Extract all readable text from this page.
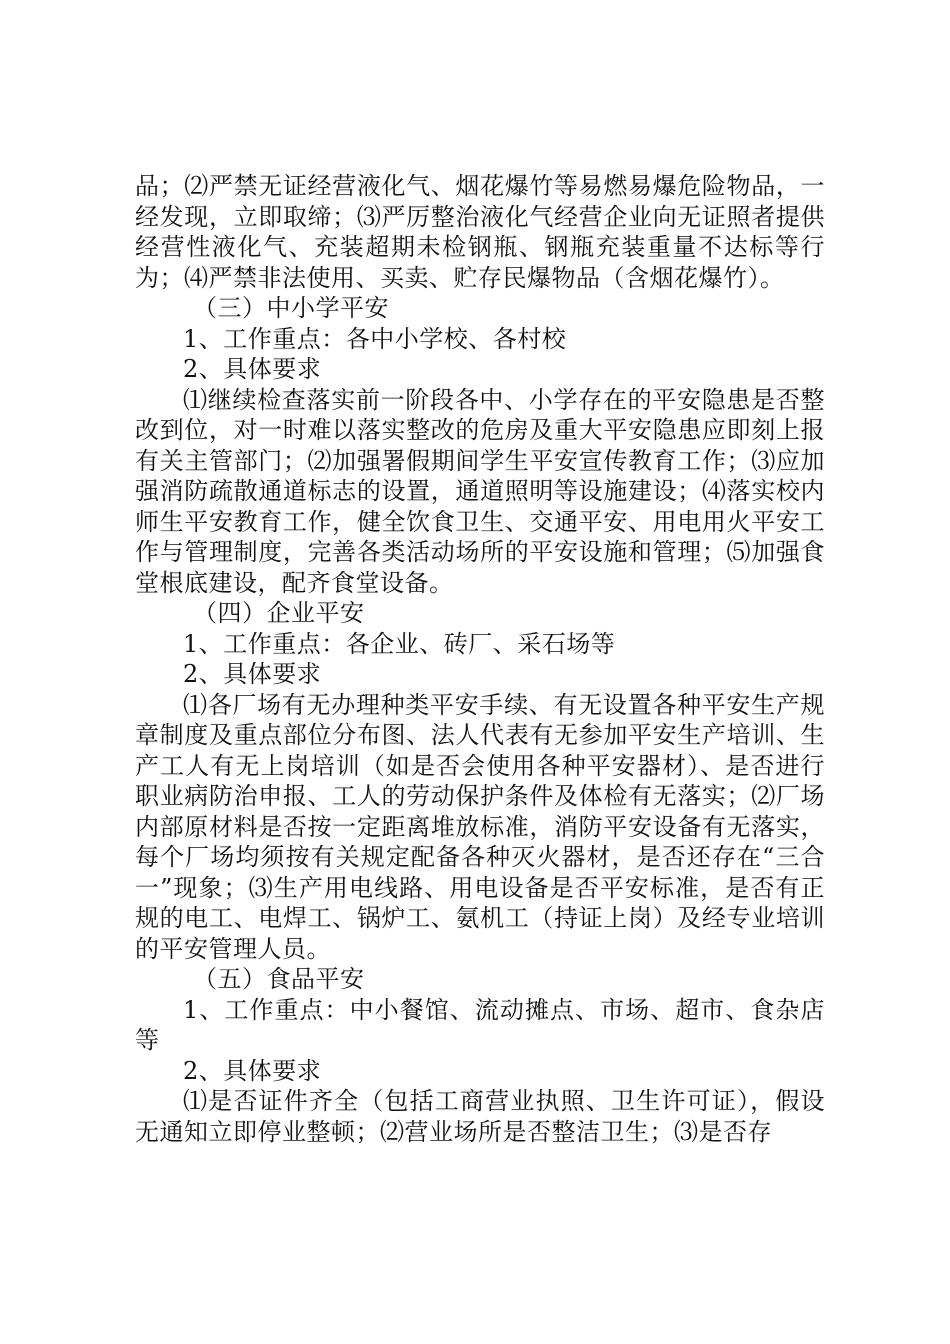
品；⑵严禁无证经营液化气、烟花爆竹等易燃易爆危险物品，一经发现，立即取缔；⑶严厉整治液化气经营企业向无证照者提供经营性液化气、充装超期未检钢瓶、钢瓶充装重量不达标等行为；⑷严禁非法使用、买卖、贮存民爆物品（含烟花爆竹）。

（三）中小学平安

1、工作重点：各中小学校、各村校

2、具体要求

⑴继续检查落实前一阶段各中、小学存在的平安隐患是否整改到位，对一时难以落实整改的危房及重大平安隐患应即刻上报有关主管部门；⑵加强署假期间学生平安宣传教育工作；⑶应加强消防疏散通道标志的设置，通道照明等设施建设；⑷落实校内师生平安教育工作，健全饮食卫生、交通平安、用电用火平安工作与管理制度，完善各类活动场所的平安设施和管理；⑸加强食堂根底建设，配齐食堂设备。

（四）企业平安

1、工作重点：各企业、砖厂、采石场等

2、具体要求

⑴各厂场有无办理种类平安手续、有无设置各种平安生产规章制度及重点部位分布图、法人代表有无参加平安生产培训、生产工人有无上岗培训（如是否会使用各种平安器材）、是否进行职业病防治申报、工人的劳动保护条件及体检有无落实；⑵厂场内部原材料是否按一定距离堆放标准，消防平安设备有无落实，每个厂场均须按有关规定配备各种灭火器材，是否还存在“三合一”现象；⑶生产用电线路、用电设备是否平安标准，是否有正规的电工、电焊工、锅炉工、氨机工（持证上岗）及经专业培训的平安管理人员。

（五）食品平安

1、工作重点：中小餐馆、流动摊点、市场、超市、食杂店等

2、具体要求

⑴是否证件齐全（包括工商营业执照、卫生许可证），假设无通知立即停业整顿；⑵营业场所是否整洁卫生；⑶是否存
